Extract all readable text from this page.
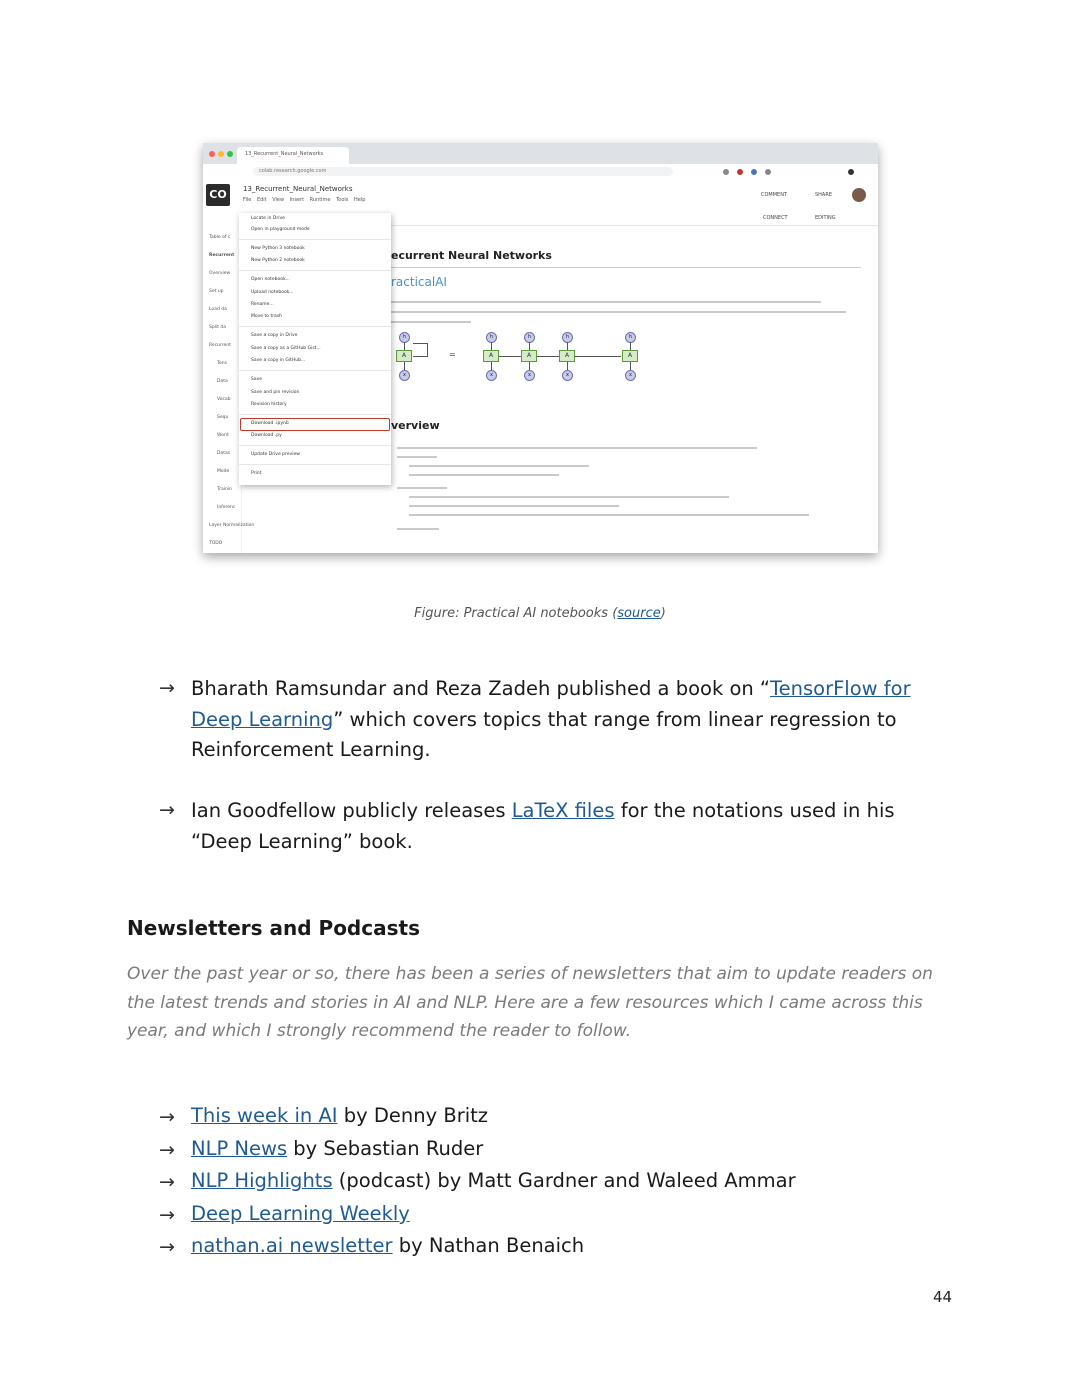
13_Recurrent_Neural_Networks
colab.research.google.com
CO	13_Recurrent_Neural_Networks
File Edit View Insert Runtime Tools Help
COMMENT	SHARE
CONNECT	EDITING
Table of c
Recurrent
Overview
Set up
Load da
Split da
Recurrent
Tens
Data
Vocab
Sequ
Word
Datas
Mode
Trainin
Inferenc
Layer Normalization
TODO
ecurrent Neural Networks
racticalAI
h
A
x
=
h
A
x
h
A
x
h
A
x
h
A
x
verview
Locate in Drive
Open in playground mode
New Python 3 notebook
New Python 2 notebook
Open notebook...
Upload notebook...
Rename...
Move to trash
Save a copy in Drive
Save a copy as a GitHub Gist...
Save a copy in GitHub...
Save
Save and pin revision
Revision history
Download .ipynb
Download .py
Update Drive preview
Print
Figure: Practical AI notebooks (source)
→ Bharath Ramsundar and Reza Zadeh published a book on “TensorFlow for Deep Learning” which covers topics that range from linear regression to Reinforcement Learning.
→ Ian Goodfellow publicly releases LaTeX files for the notations used in his “Deep Learning” book.
Newsletters and Podcasts
Over the past year or so, there has been a series of newsletters that aim to update readers on the latest trends and stories in AI and NLP. Here are a few resources which I came across this year, and which I strongly recommend the reader to follow.
→ This week in AI by Denny Britz
→ NLP News by Sebastian Ruder
→ NLP Highlights (podcast) by Matt Gardner and Waleed Ammar
→ Deep Learning Weekly
→ nathan.ai newsletter by Nathan Benaich
44
